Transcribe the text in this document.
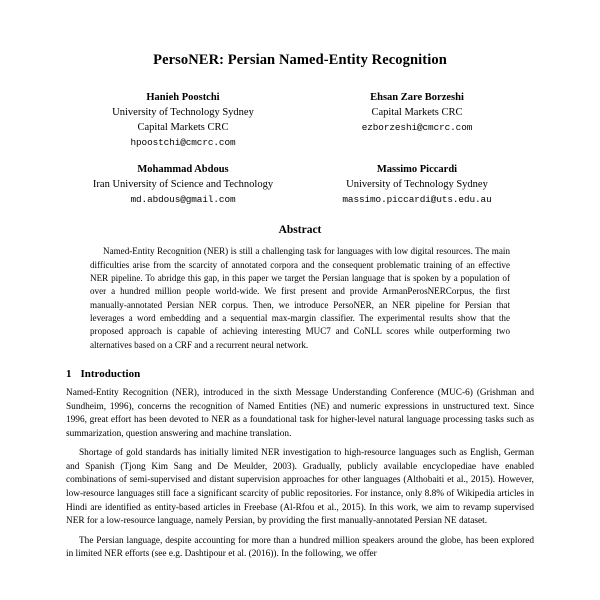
PersoNER: Persian Named-Entity Recognition
Hanieh Poostchi
University of Technology Sydney
Capital Markets CRC
hpoostchi@cmcrc.com
Ehsan Zare Borzeshi
Capital Markets CRC
ezborzeshi@cmcrc.com
Mohammad Abdous
Iran University of Science and Technology
md.abdous@gmail.com
Massimo Piccardi
University of Technology Sydney
massimo.piccardi@uts.edu.au
Abstract
Named-Entity Recognition (NER) is still a challenging task for languages with low digital resources. The main difficulties arise from the scarcity of annotated corpora and the consequent problematic training of an effective NER pipeline. To abridge this gap, in this paper we target the Persian language that is spoken by a population of over a hundred million people world-wide. We first present and provide ArmanPerosNERCorpus, the first manually-annotated Persian NER corpus. Then, we introduce PersoNER, an NER pipeline for Persian that leverages a word embedding and a sequential max-margin classifier. The experimental results show that the proposed approach is capable of achieving interesting MUC7 and CoNLL scores while outperforming two alternatives based on a CRF and a recurrent neural network.
1 Introduction
Named-Entity Recognition (NER), introduced in the sixth Message Understanding Conference (MUC-6) (Grishman and Sundheim, 1996), concerns the recognition of Named Entities (NE) and numeric expressions in unstructured text. Since 1996, great effort has been devoted to NER as a foundational task for higher-level natural language processing tasks such as summarization, question answering and machine translation.
Shortage of gold standards has initially limited NER investigation to high-resource languages such as English, German and Spanish (Tjong Kim Sang and De Meulder, 2003). Gradually, publicly available encyclopediae have enabled combinations of semi-supervised and distant supervision approaches for other languages (Althobaiti et al., 2015). However, low-resource languages still face a significant scarcity of public repositories. For instance, only 8.8% of Wikipedia articles in Hindi are identified as entity-based articles in Freebase (Al-Rfou et al., 2015). In this work, we aim to revamp supervised NER for a low-resource language, namely Persian, by providing the first manually-annotated Persian NE dataset.
The Persian language, despite accounting for more than a hundred million speakers around the globe, has been explored in limited NER efforts (see e.g. Dashtipour et al. (2016)). In the following, we offer
